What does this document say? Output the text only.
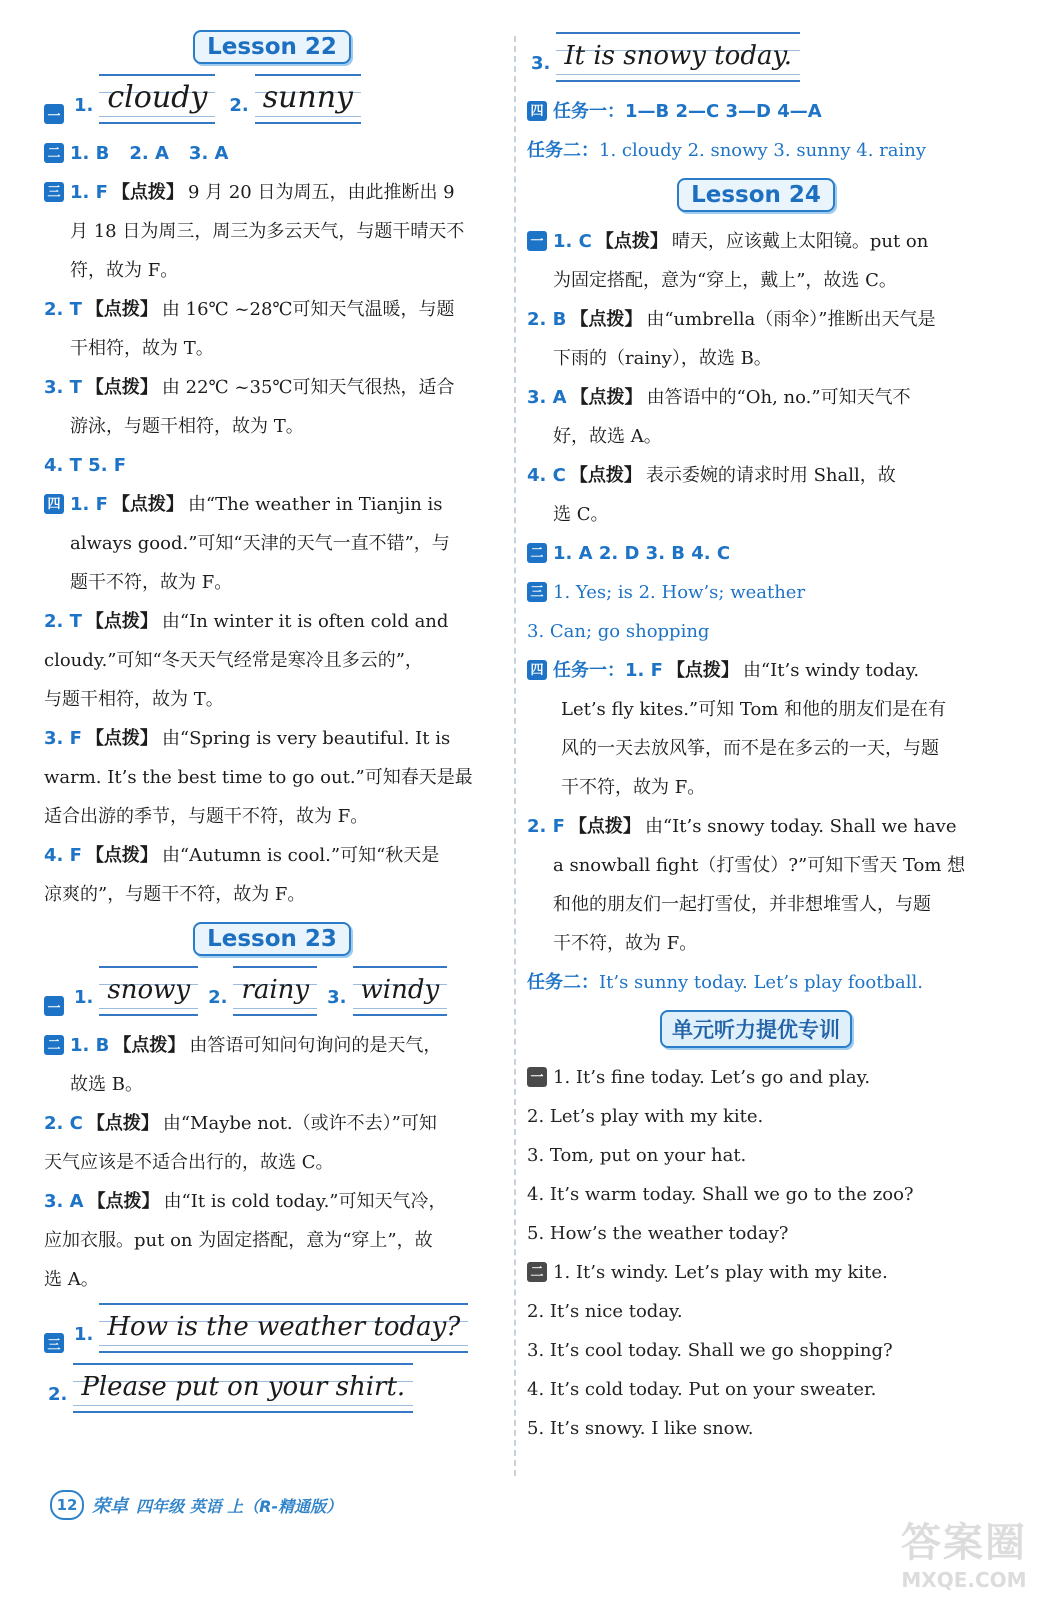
Lesson 22
一 1. cloudy	2. sunny
二 1. B 2. A 3. A
三 1. F 【点拨】 9 月 20 日为周五，由此推断出 9
月 18 日为周三，周三为多云天气，与题干晴天不
符，故为 F。
2. T 【点拨】 由 16℃ ~28℃可知天气温暖，与题
干相符，故为 T。
3. T 【点拨】 由 22℃ ~35℃可知天气很热，适合
游泳，与题干相符，故为 T。
4. T 5. F
四 1. F 【点拨】 由“The weather in Tianjin is
always good.”可知“天津的天气一直不错”，与
题干不符，故为 F。
2. T 【点拨】 由“In winter it is often cold and
cloudy.”可知“冬天天气经常是寒冷且多云的”，
与题干相符，故为 T。
3. F 【点拨】 由“Spring is very beautiful. It is
warm. It’s the best time to go out.”可知春天是最
适合出游的季节，与题干不符，故为 F。
4. F 【点拨】 由“Autumn is cool.”可知“秋天是
凉爽的”，与题干不符，故为 F。
Lesson 23
一 1. snowy	2. rainy	3. windy
二 1. B 【点拨】 由答语可知问句询问的是天气，
故选 B。
2. C 【点拨】 由“Maybe not.（或许不去）”可知
天气应该是不适合出行的，故选 C。
3. A 【点拨】 由“It is cold today.”可知天气冷，
应加衣服。put on 为固定搭配，意为“穿上”，故
选 A。
三 1. How is the weather today?
2. Please put on your shirt.
3. It is snowy today.
四 任务一： 1—B 2—C 3—D 4—A
任务二： 1. cloudy 2. snowy 3. sunny 4. rainy
Lesson 24
一 1. C 【点拨】 晴天，应该戴上太阳镜。put on
为固定搭配，意为“穿上，戴上”，故选 C。
2. B 【点拨】 由“umbrella（雨伞）”推断出天气是
下雨的（rainy），故选 B。
3. A 【点拨】 由答语中的“Oh, no.”可知天气不
好，故选 A。
4. C 【点拨】 表示委婉的请求时用 Shall，故
选 C。
二 1. A 2. D 3. B 4. C
三 1. Yes; is 2. How’s; weather
3. Can; go shopping
四 任务一：1. F 【点拨】 由“It’s windy today.
Let’s fly kites.”可知 Tom 和他的朋友们是在有
风的一天去放风筝，而不是在多云的一天，与题
干不符，故为 F。
2. F 【点拨】 由“It’s snowy today. Shall we have
a snowball fight（打雪仗）?”可知下雪天 Tom 想
和他的朋友们一起打雪仗，并非想堆雪人，与题
干不符，故为 F。
任务二： It’s sunny today. Let’s play football.
单元听力提优专训
一 1. It’s fine today. Let’s go and play.
2. Let’s play with my kite.
3. Tom, put on your hat.
4. It’s warm today. Shall we go to the zoo?
5. How’s the weather today?
二 1. It’s windy. Let’s play with my kite.
2. It’s nice today.
3. It’s cool today. Shall we go shopping?
4. It’s cold today. Put on your sweater.
5. It’s snowy. I like snow.
12 荣卓 四年级 英语 上（R-精通版）
答案圈
MXQE.COM
